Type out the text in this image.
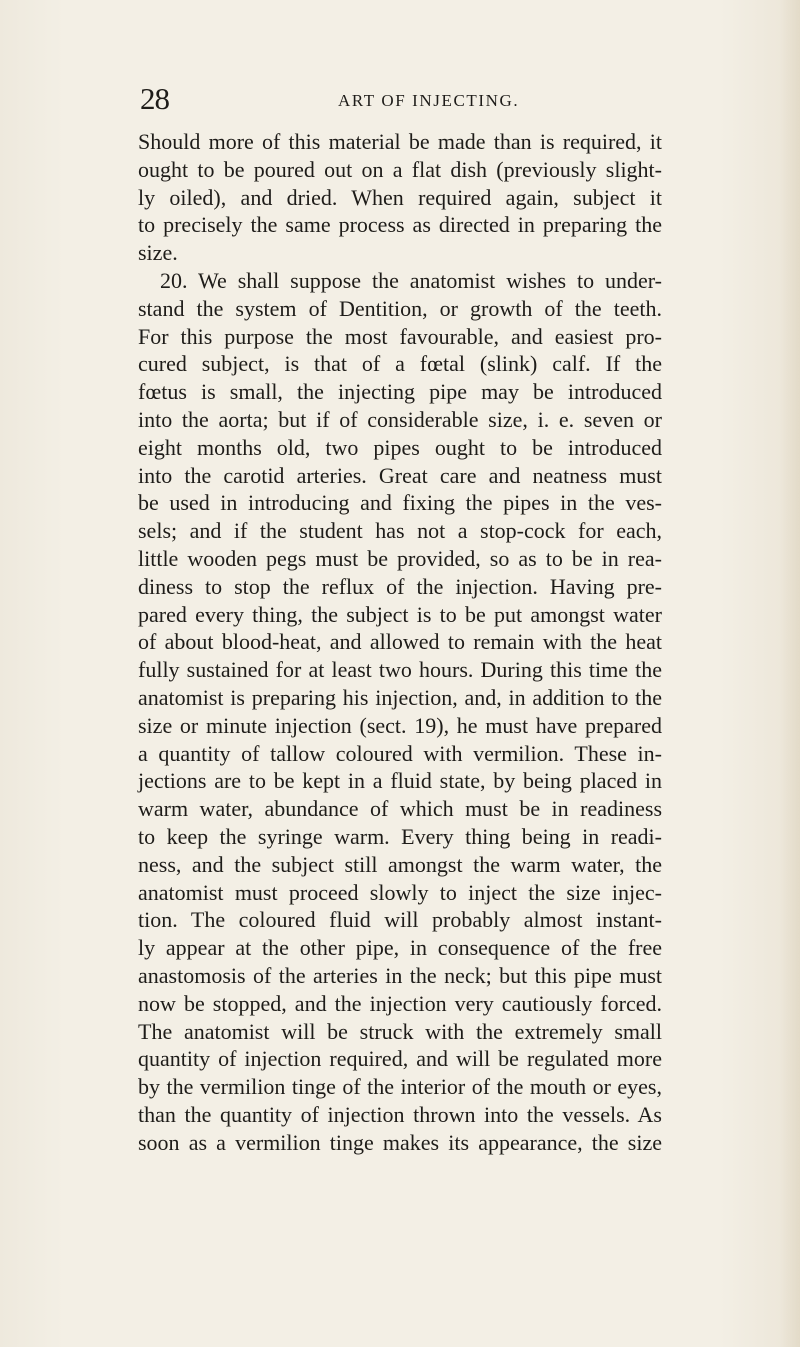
28	ART OF INJECTING.
Should more of this material be made than is required, it
ought to be poured out on a flat dish (previously slight-
ly oiled), and dried. When required again, subject it
to precisely the same process as directed in preparing the
size.
20. We shall suppose the anatomist wishes to under-
stand the system of Dentition, or growth of the teeth.
For this purpose the most favourable, and easiest pro-
cured subject, is that of a fœtal (slink) calf. If the
fœtus is small, the injecting pipe may be introduced
into the aorta; but if of considerable size, i. e. seven or
eight months old, two pipes ought to be introduced
into the carotid arteries. Great care and neatness must
be used in introducing and fixing the pipes in the ves-
sels; and if the student has not a stop-cock for each,
little wooden pegs must be provided, so as to be in rea-
diness to stop the reflux of the injection. Having pre-
pared every thing, the subject is to be put amongst water
of about blood-heat, and allowed to remain with the heat
fully sustained for at least two hours. During this time the
anatomist is preparing his injection, and, in addition to the
size or minute injection (sect. 19), he must have prepared
a quantity of tallow coloured with vermilion. These in-
jections are to be kept in a fluid state, by being placed in
warm water, abundance of which must be in readiness
to keep the syringe warm. Every thing being in readi-
ness, and the subject still amongst the warm water, the
anatomist must proceed slowly to inject the size injec-
tion. The coloured fluid will probably almost instant-
ly appear at the other pipe, in consequence of the free
anastomosis of the arteries in the neck; but this pipe must
now be stopped, and the injection very cautiously forced.
The anatomist will be struck with the extremely small
quantity of injection required, and will be regulated more
by the vermilion tinge of the interior of the mouth or eyes,
than the quantity of injection thrown into the vessels. As
soon as a vermilion tinge makes its appearance, the size
